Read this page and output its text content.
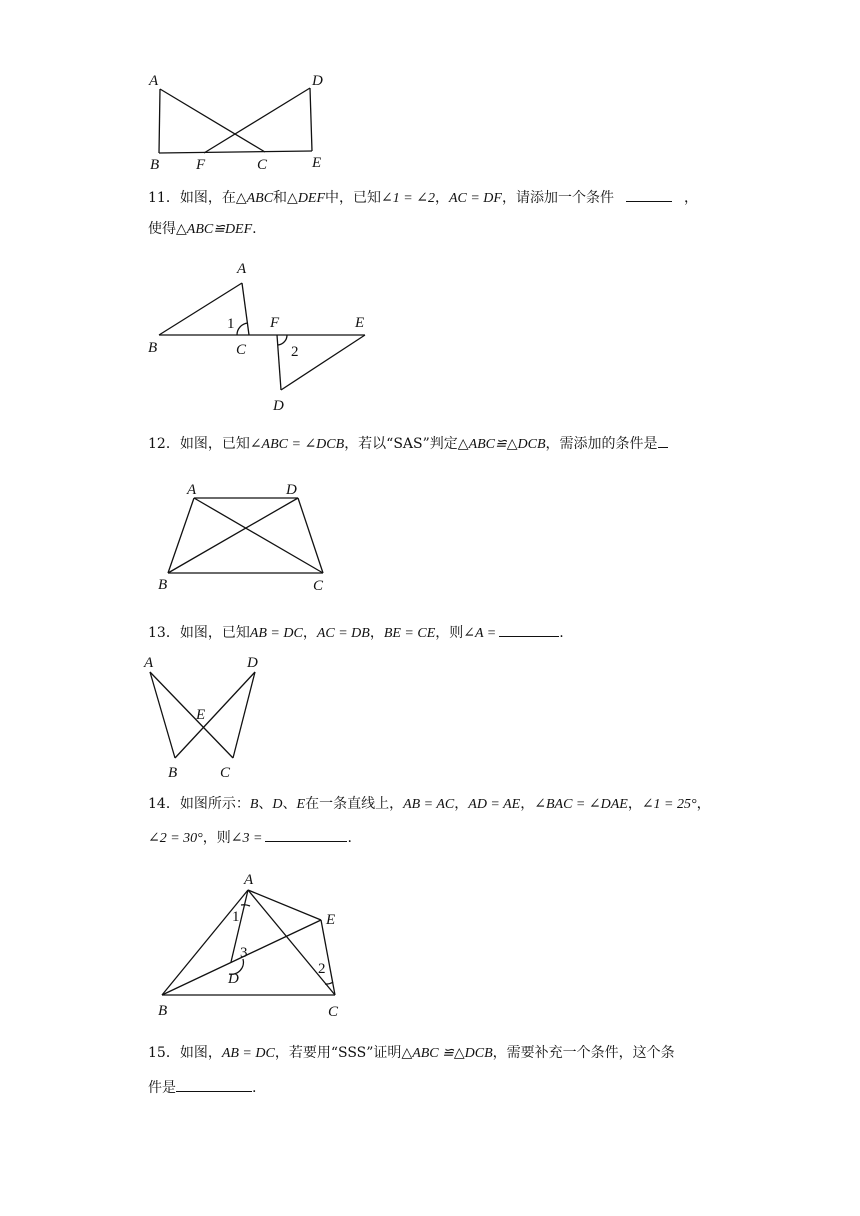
A
B F	C
D
E
11．如图，在△ABC和△DEF中，已知∠1 = ∠2，AC = DF，请添加一个条件	，
使得△ABC≌DEF.
A
B	C
F	E
D
1
2
12．如图，已知∠ABC = ∠DCB，若以“SAS”判定△ABC≌△DCB，需添加的条件是
A	D
B	C
13．如图，已知AB = DC，AC = DB，BE = CE，则∠A =	.
A	D
E
B	C
14．如图所示：B、D、E在一条直线上，AB = AC，AD = AE，∠BAC = ∠DAE，∠1 = 25°，
∠2 = 30°，则∠3 =	.
A
E
D
B	C
1
3
2
15．如图，AB = DC，若要用“SSS”证明△ABC ≌△DCB，需要补充一个条件，这个条
件是	.
